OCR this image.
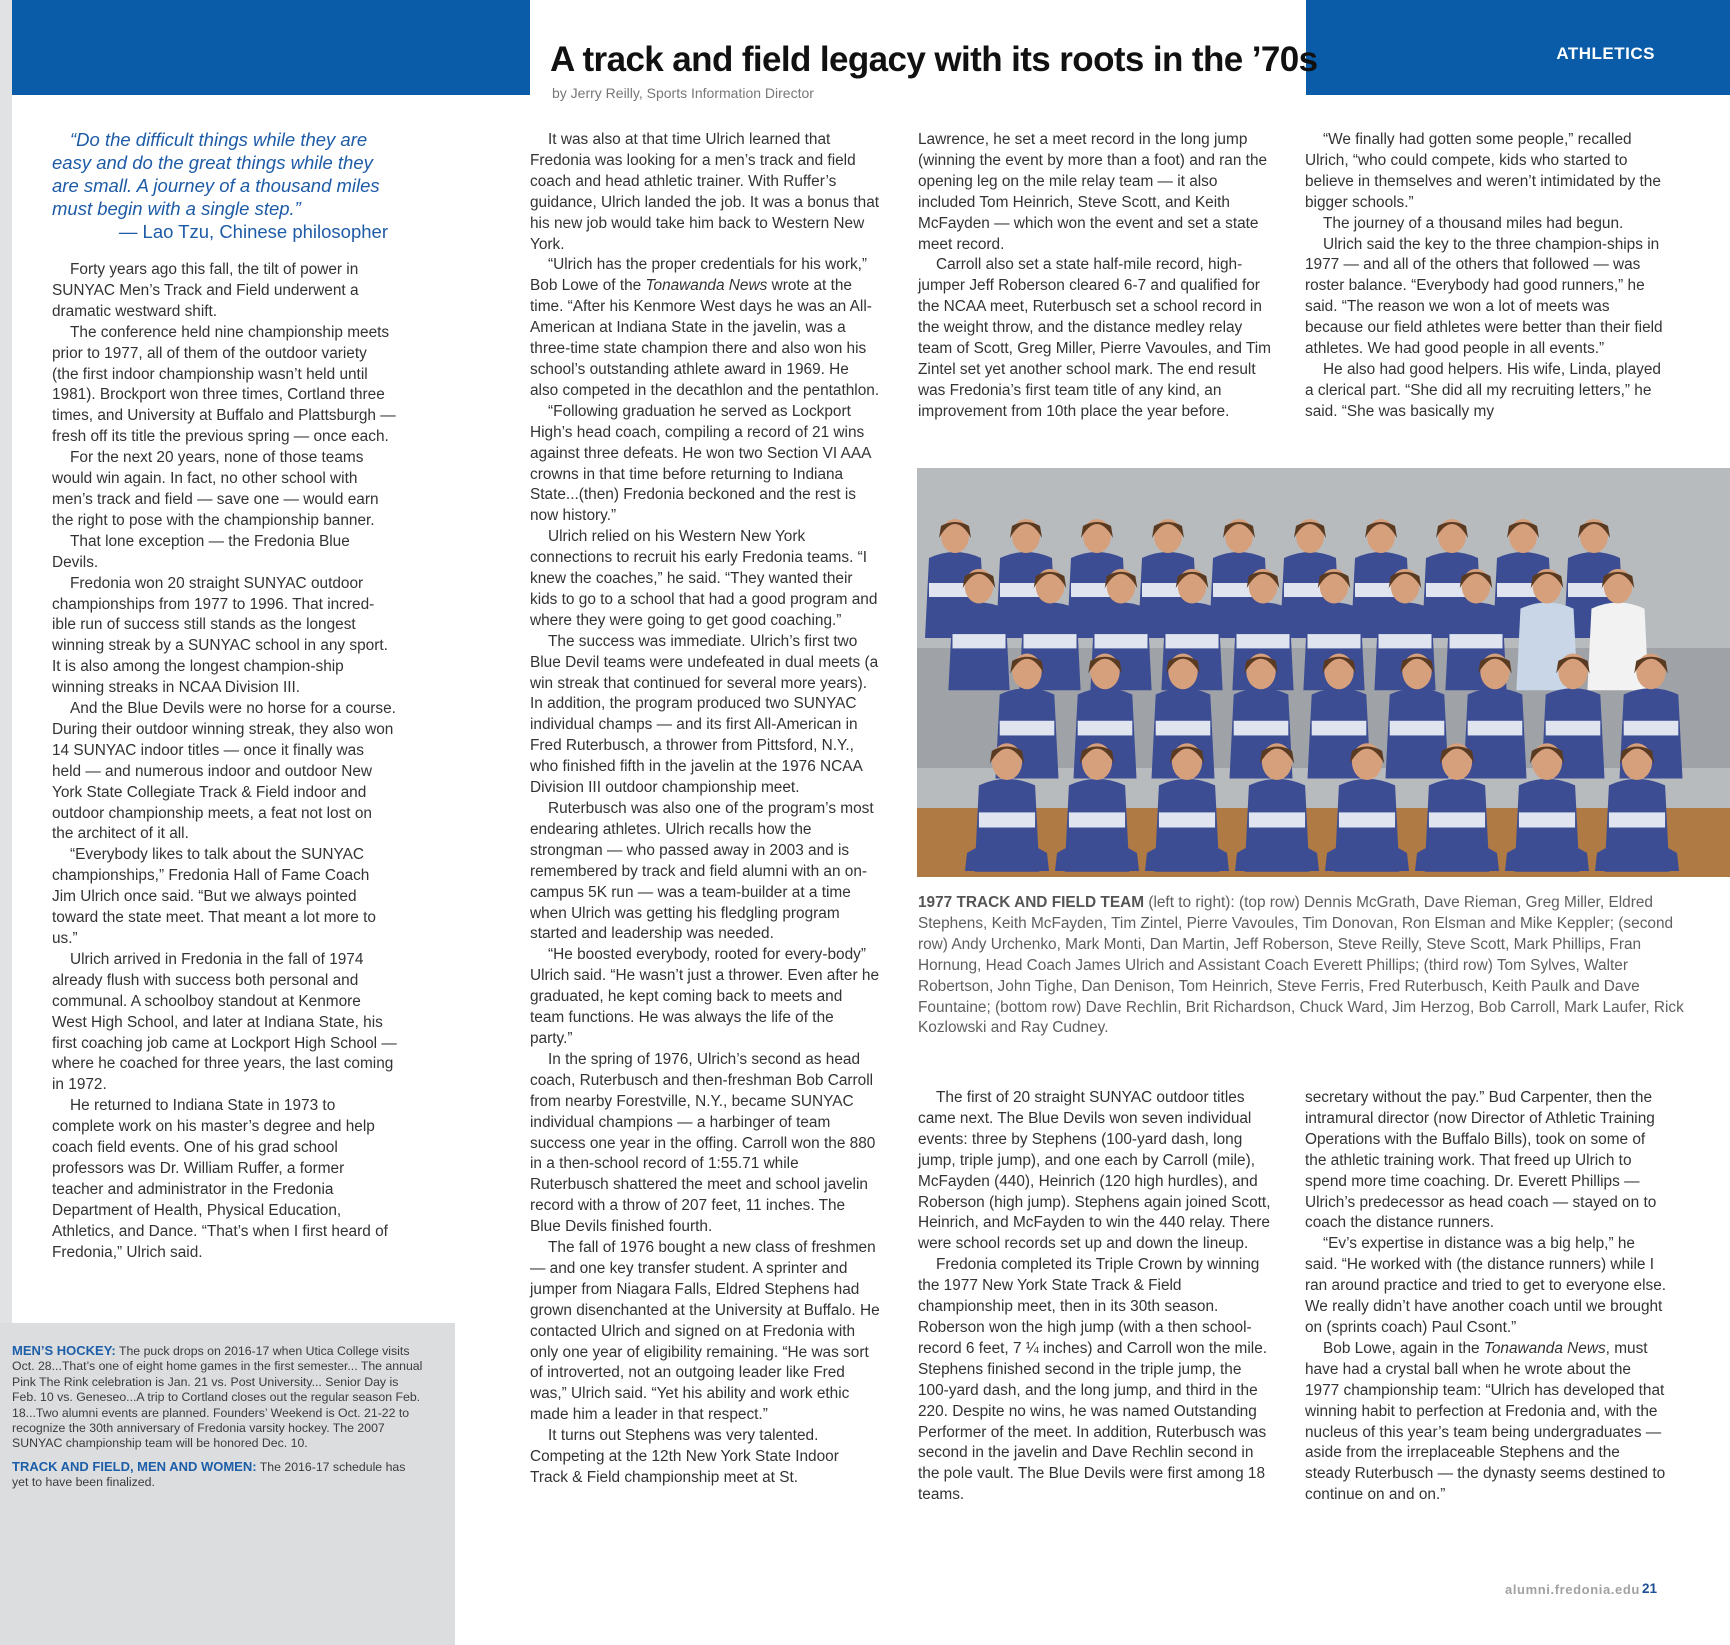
ATHLETICS
A track and field legacy with its roots in the ’70s
by Jerry Reilly, Sports Information Director
“Do the difficult things while they are easy and do the great things while they are small. A journey of a thousand miles must begin with a single step.”
— Lao Tzu, Chinese philosopher

Forty years ago this fall, the tilt of power in SUNYAC Men’s Track and Field underwent a dramatic westward shift.

The conference held nine championship meets prior to 1977, all of them of the outdoor variety (the first indoor championship wasn’t held until 1981). Brockport won three times, Cortland three times, and University at Buffalo and Plattsburgh — fresh off its title the previous spring — once each.

For the next 20 years, none of those teams would win again. In fact, no other school with men’s track and field — save one — would earn the right to pose with the championship banner.

That lone exception — the Fredonia Blue Devils.

Fredonia won 20 straight SUNYAC outdoor championships from 1977 to 1996. That incred-ible run of success still stands as the longest winning streak by a SUNYAC school in any sport. It is also among the longest champion-ship winning streaks in NCAA Division III.

And the Blue Devils were no horse for a course. During their outdoor winning streak, they also won 14 SUNYAC indoor titles — once it finally was held — and numerous indoor and outdoor New York State Collegiate Track & Field indoor and outdoor championship meets, a feat not lost on the architect of it all.

“Everybody likes to talk about the SUNYAC championships,” Fredonia Hall of Fame Coach Jim Ulrich once said. “But we always pointed toward the state meet. That meant a lot more to us.”

Ulrich arrived in Fredonia in the fall of 1974 already flush with success both personal and communal. A schoolboy standout at Kenmore West High School, and later at Indiana State, his first coaching job came at Lockport High School — where he coached for three years, the last coming in 1972.

He returned to Indiana State in 1973 to complete work on his master’s degree and help coach field events. One of his grad school professors was Dr. William Ruffer, a former teacher and administrator in the Fredonia Department of Health, Physical Education, Athletics, and Dance. “That’s when I first heard of Fredonia,” Ulrich said.

It was also at that time Ulrich learned that Fredonia was looking for a men’s track and field coach and head athletic trainer. With Ruffer’s guidance, Ulrich landed the job. It was a bonus that his new job would take him back to Western New York.

“Ulrich has the proper credentials for his work,” Bob Lowe of the Tonawanda News wrote at the time. “After his Kenmore West days he was an All-American at Indiana State in the javelin, was a three-time state champion there and also won his school’s outstanding athlete award in 1969. He also competed in the decathlon and the pentathlon.

“Following graduation he served as Lockport High’s head coach, compiling a record of 21 wins against three defeats. He won two Section VI AAA crowns in that time before returning to Indiana State...(then) Fredonia beckoned and the rest is now history.”

Ulrich relied on his Western New York connections to recruit his early Fredonia teams. “I knew the coaches,” he said. “They wanted their kids to go to a school that had a good program and where they were going to get good coaching.”

The success was immediate. Ulrich’s first two Blue Devil teams were undefeated in dual meets (a win streak that continued for several more years). In addition, the program produced two SUNYAC individual champs — and its first All-American in Fred Ruterbusch, a thrower from Pittsford, N.Y., who finished fifth in the javelin at the 1976 NCAA Division III outdoor championship meet.

Ruterbusch was also one of the program’s most endearing athletes. Ulrich recalls how the strongman — who passed away in 2003 and is remembered by track and field alumni with an on-campus 5K run — was a team-builder at a time when Ulrich was getting his fledgling program started and leadership was needed.

“He boosted everybody, rooted for every-body” Ulrich said. “He wasn’t just a thrower. Even after he graduated, he kept coming back to meets and team functions. He was always the life of the party.”

In the spring of 1976, Ulrich’s second as head coach, Ruterbusch and then-freshman Bob Carroll from nearby Forestville, N.Y., became SUNYAC individual champions — a harbinger of team success one year in the offing. Carroll won the 880 in a then-school record of 1:55.71 while Ruterbusch shattered the meet and school javelin record with a throw of 207 feet, 11 inches. The Blue Devils finished fourth.

The fall of 1976 bought a new class of freshmen — and one key transfer student. A sprinter and jumper from Niagara Falls, Eldred Stephens had grown disenchanted at the University at Buffalo. He contacted Ulrich and signed on at Fredonia with only one year of eligibility remaining. “He was sort of introverted, not an outgoing leader like Fred was,” Ulrich said. “Yet his ability and work ethic made him a leader in that respect.”

It turns out Stephens was very talented. Competing at the 12th New York State Indoor Track & Field championship meet at St.

Lawrence, he set a meet record in the long jump (winning the event by more than a foot) and ran the opening leg on the mile relay team — it also included Tom Heinrich, Steve Scott, and Keith McFayden — which won the event and set a state meet record.

Carroll also set a state half-mile record, high-jumper Jeff Roberson cleared 6-7 and qualified for the NCAA meet, Ruterbusch set a school record in the weight throw, and the distance medley relay team of Scott, Greg Miller, Pierre Vavoules, and Tim Zintel set yet another school mark. The end result was Fredonia’s first team title of any kind, an improvement from 10th place the year before.

“We finally had gotten some people,” recalled Ulrich, “who could compete, kids who started to believe in themselves and weren’t intimidated by the bigger schools.”

The journey of a thousand miles had begun.

Ulrich said the key to the three champion-ships in 1977 — and all of the others that followed — was roster balance. “Everybody had good runners,” he said. “The reason we won a lot of meets was because our field athletes were better than their field athletes. We had good people in all events.”

He also had good helpers. His wife, Linda, played a clerical part. “She did all my recruiting letters,” he said. “She was basically my

1977 TRACK AND FIELD TEAM (left to right): (top row) Dennis McGrath, Dave Rieman, Greg Miller, Eldred Stephens, Keith McFayden, Tim Zintel, Pierre Vavoules, Tim Donovan, Ron Elsman and Mike Keppler; (second row) Andy Urchenko, Mark Monti, Dan Martin, Jeff Roberson, Steve Reilly, Steve Scott, Mark Phillips, Fran Hornung, Head Coach James Ulrich and Assistant Coach Everett Phillips; (third row) Tom Sylves, Walter Robertson, John Tighe, Dan Denison, Tom Heinrich, Steve Ferris, Fred Ruterbusch, Keith Paulk and Dave Fountaine; (bottom row) Dave Rechlin, Brit Richardson, Chuck Ward, Jim Herzog, Bob Carroll, Mark Laufer, Rick Kozlowski and Ray Cudney.

The first of 20 straight SUNYAC outdoor titles came next. The Blue Devils won seven individual events: three by Stephens (100-yard dash, long jump, triple jump), and one each by Carroll (mile), McFayden (440), Heinrich (120 high hurdles), and Roberson (high jump). Stephens again joined Scott, Heinrich, and McFayden to win the 440 relay. There were school records set up and down the lineup.

Fredonia completed its Triple Crown by winning the 1977 New York State Track & Field championship meet, then in its 30th season. Roberson won the high jump (with a then school-record 6 feet, 7 ¼ inches) and Carroll won the mile. Stephens finished second in the triple jump, the 100-yard dash, and the long jump, and third in the 220. Despite no wins, he was named Outstanding Performer of the meet. In addition, Ruterbusch was second in the javelin and Dave Rechlin second in the pole vault. The Blue Devils were first among 18 teams.

secretary without the pay.” Bud Carpenter, then the intramural director (now Director of Athletic Training Operations with the Buffalo Bills), took on some of the athletic training work. That freed up Ulrich to spend more time coaching. Dr. Everett Phillips — Ulrich’s predecessor as head coach — stayed on to coach the distance runners.

“Ev’s expertise in distance was a big help,” he said. “He worked with (the distance runners) while I ran around practice and tried to get to everyone else. We really didn’t have another coach until we brought on (sprints coach) Paul Csont.”

Bob Lowe, again in the Tonawanda News, must have had a crystal ball when he wrote about the 1977 championship team: “Ulrich has developed that winning habit to perfection at Fredonia and, with the nucleus of this year’s team being undergraduates — aside from the irreplaceable Stephens and the steady Ruterbusch — the dynasty seems destined to continue on and on.”

MEN’S HOCKEY: The puck drops on 2016-17 when Utica College visits Oct. 28...That’s one of eight home games in the first semester... The annual Pink The Rink celebration is Jan. 21 vs. Post University... Senior Day is Feb. 10 vs. Geneseo...A trip to Cortland closes out the regular season Feb. 18...Two alumni events are planned. Founders’ Weekend is Oct. 21-22 to recognize the 30th anniversary of Fredonia varsity hockey. The 2007 SUNYAC championship team will be honored Dec. 10.

TRACK AND FIELD, MEN AND WOMEN: The 2016-17 schedule has yet to have been finalized.

alumni.fredonia.edu 21
